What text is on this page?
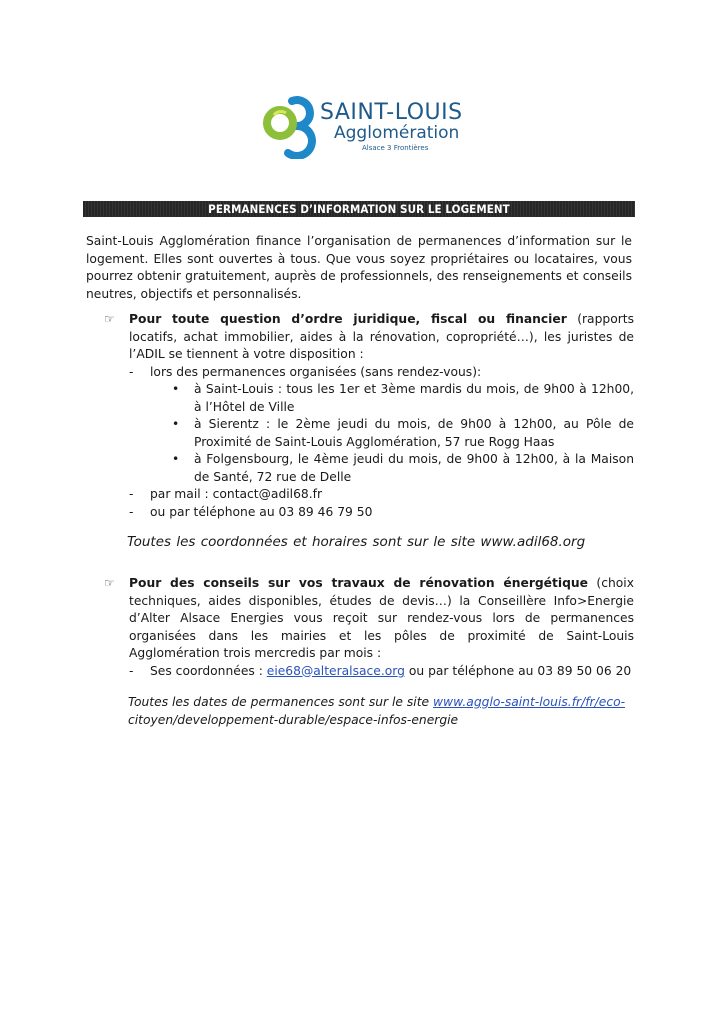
SAINT-LOUIS
Agglomération
Alsace 3 Frontières
PERMANENCES D’INFORMATION SUR LE LOGEMENT
Saint-Louis Agglomération finance l’organisation de permanences d’information sur le logement. Elles sont ouvertes à tous. Que vous soyez propriétaires ou locataires, vous pourrez obtenir gratuitement, auprès de professionnels, des renseignements et conseils neutres, objectifs et personnalisés.
☞ Pour toute question d’ordre juridique, fiscal ou financier (rapports locatifs, achat immobilier, aides à la rénovation, copropriété…), les juristes de l’ADIL se tiennent à votre disposition :
- lors des permanences organisées (sans rendez-vous):
• à Saint-Louis : tous les 1er et 3ème mardis du mois, de 9h00 à 12h00, à l’Hôtel de Ville
• à Sierentz : le 2ème jeudi du mois, de 9h00 à 12h00, au Pôle de Proximité de Saint-Louis Agglomération, 57 rue Rogg Haas
• à Folgensbourg, le 4ème jeudi du mois, de 9h00 à 12h00, à la Maison de Santé, 72 rue de Delle
- par mail : contact@adil68.fr
- ou par téléphone au 03 89 46 79 50
Toutes les coordonnées et horaires sont sur le site www.adil68.org
☞ Pour des conseils sur vos travaux de rénovation énergétique (choix techniques, aides disponibles, études de devis…) la Conseillère Info>Energie d’Alter Alsace Energies vous reçoit sur rendez-vous lors de permanences organisées dans les mairies et les pôles de proximité de Saint-Louis Agglomération trois mercredis par mois :
- Ses coordonnées : eie68@alteralsace.org ou par téléphone au 03 89 50 06 20
Toutes les dates de permanences sont sur le site www.agglo-saint-louis.fr/fr/eco-
citoyen/developpement-durable/espace-infos-energie
